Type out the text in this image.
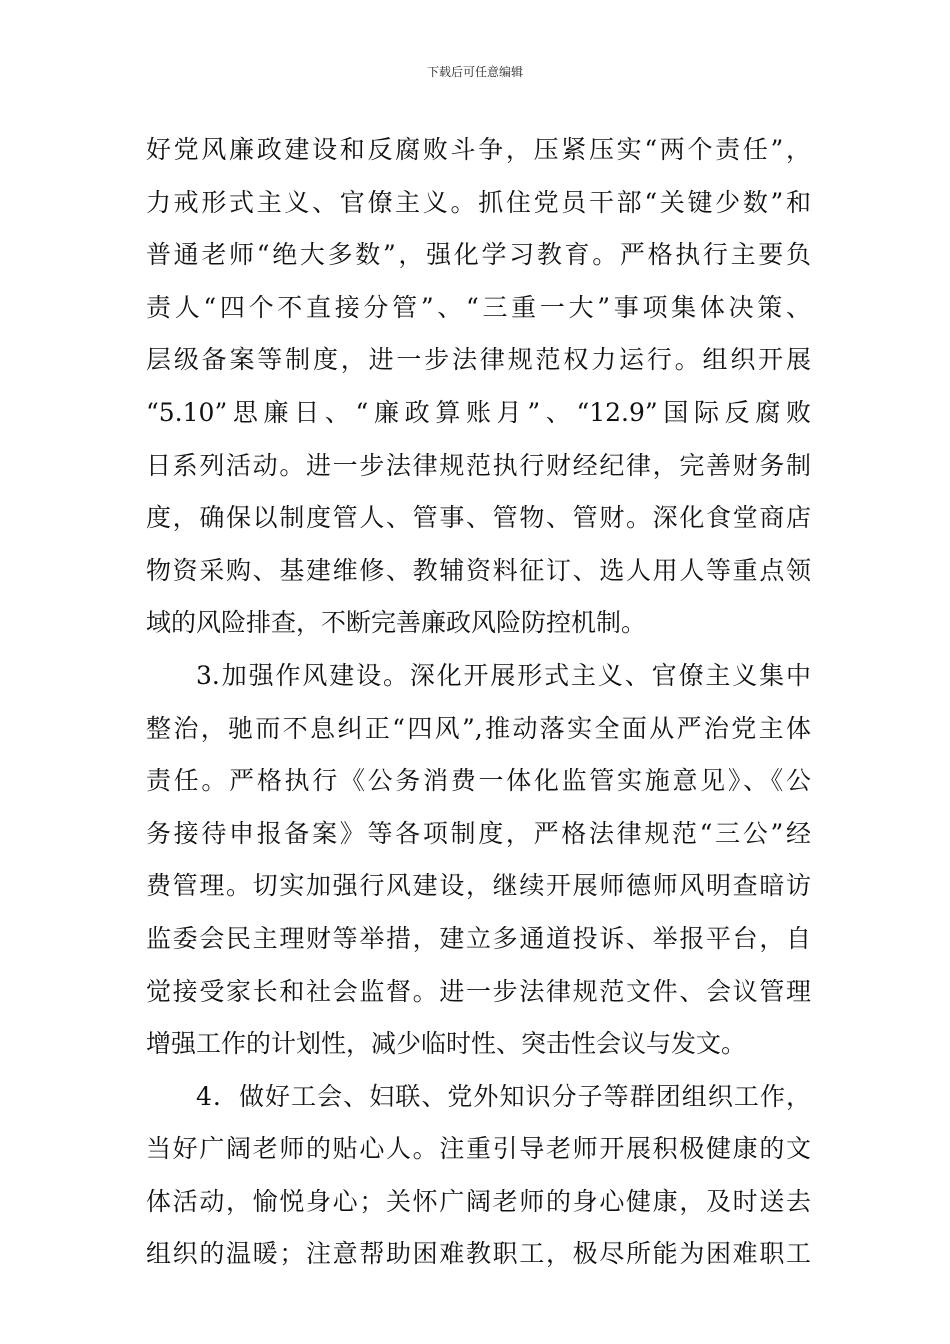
下载后可任意编辑
好党风廉政建设和反腐败斗争，压紧压实“两个责任”，
力戒形式主义、官僚主义。抓住党员干部“关键少数”和
普通老师“绝大多数”，强化学习教育。严格执行主要负
责人“四个不直接分管”、“三重一大”事项集体决策、
层级备案等制度，进一步法律规范权力运行。组织开展
“5.10”思廉日、“廉政算账月”、“12.9”国际反腐败
日系列活动。进一步法律规范执行财经纪律，完善财务制
度，确保以制度管人、管事、管物、管财。深化食堂商店
物资采购、基建维修、教辅资料征订、选人用人等重点领
域的风险排查，不断完善廉政风险防控机制。
3.加强作风建设。深化开展形式主义、官僚主义集中
整治，驰而不息纠正“四风”,推动落实全面从严治党主体
责任。严格执行《公务消费一体化监管实施意见》、《公
务接待申报备案》等各项制度，严格法律规范“三公”经
费管理。切实加强行风建设，继续开展师德师风明查暗访
监委会民主理财等举措，建立多通道投诉、举报平台，自
觉接受家长和社会监督。进一步法律规范文件、会议管理
增强工作的计划性，减少临时性、突击性会议与发文。
4．做好工会、妇联、党外知识分子等群团组织工作，
当好广阔老师的贴心人。注重引导老师开展积极健康的文
体活动，愉悦身心；关怀广阔老师的身心健康，及时送去
组织的温暖；注意帮助困难教职工，极尽所能为困难职工
